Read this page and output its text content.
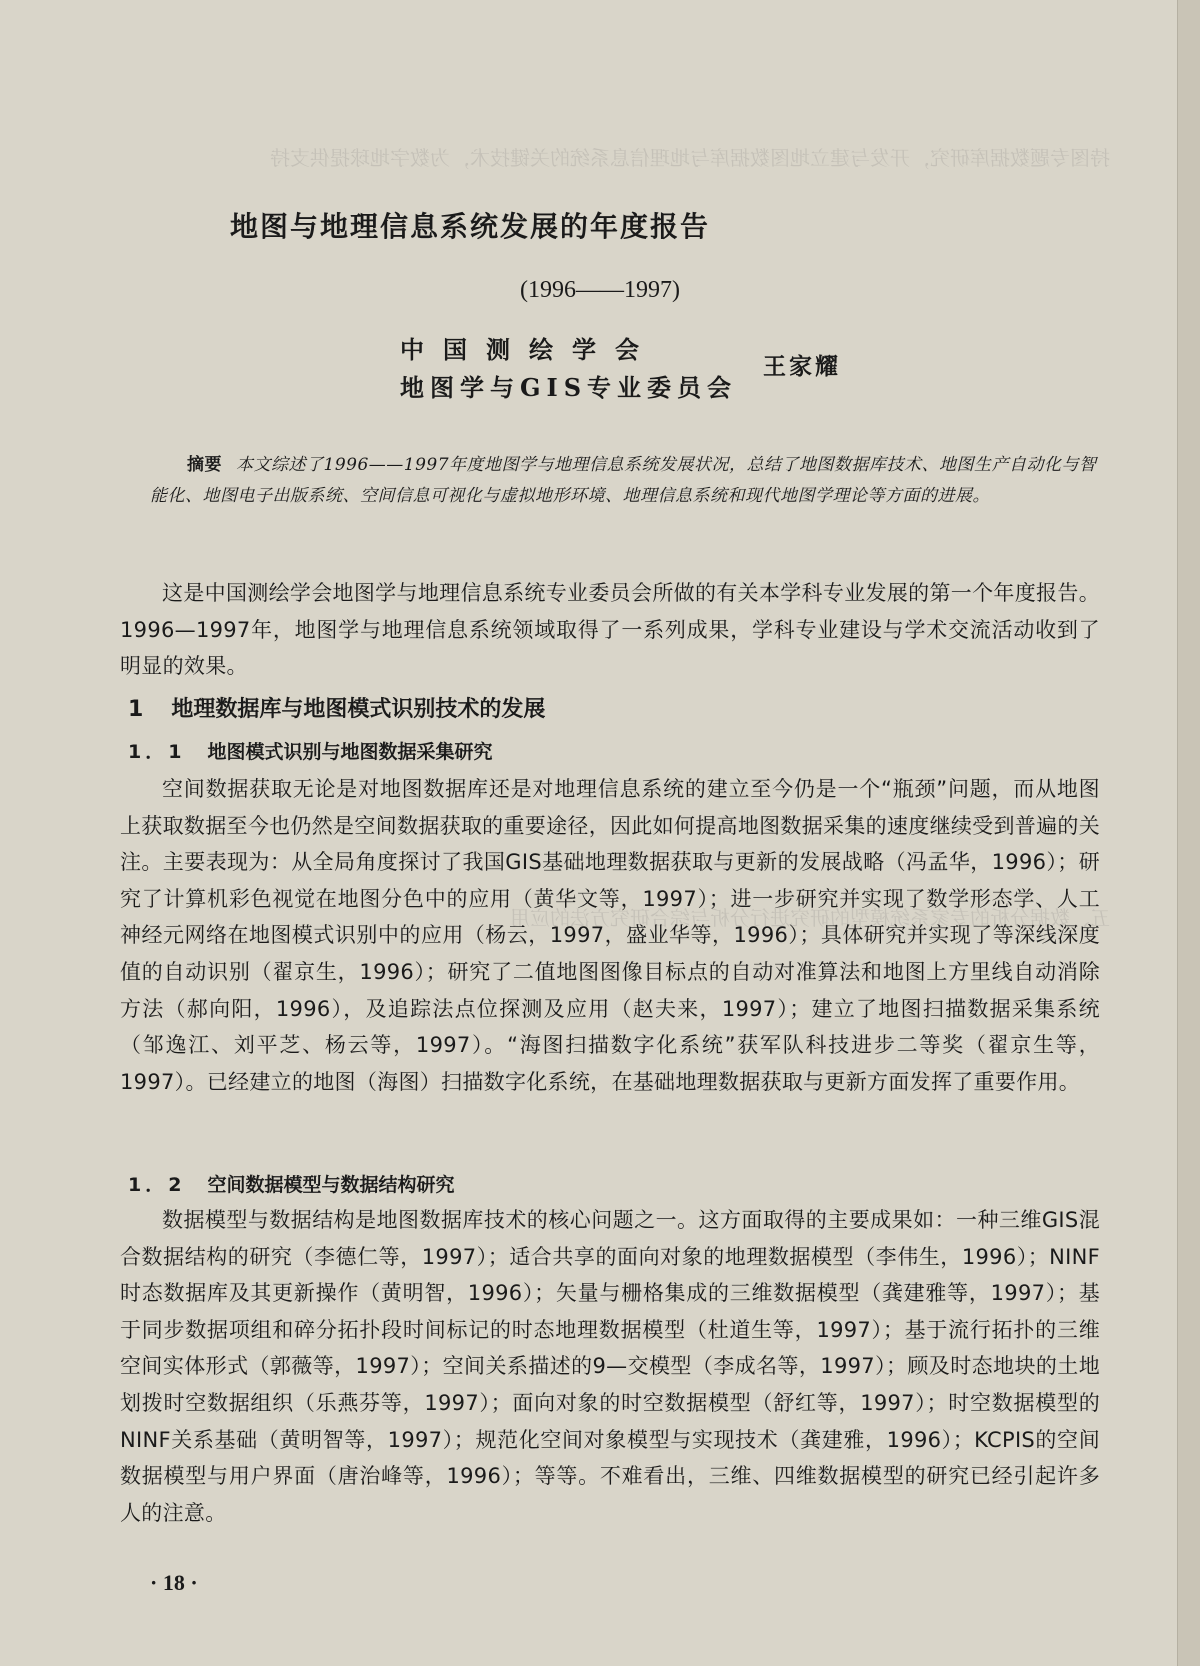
持图专题数据库研究，开发与建立地图数据库与地理信息系统的关键技术，为数字地球提供支持
五、数据分析的专家系统模型的研究进行分析与综合研究方法的应用
地图与地理信息系统发展的年度报告
(1996——1997)
中国测绘学会
地图学与GIS专业委员会
王家耀
摘要 本文综述了1996——1997年度地图学与地理信息系统发展状况，总结了地图数据库技术、地图生产自动化与智能化、地图电子出版系统、空间信息可视化与虚拟地形环境、地理信息系统和现代地图学理论等方面的进展。

这是中国测绘学会地图学与地理信息系统专业委员会所做的有关本学科专业发展的第一个年度报告。1996—1997年，地图学与地理信息系统领域取得了一系列成果，学科专业建设与学术交流活动收到了明显的效果。

1 地理数据库与地图模式识别技术的发展
1．1 地图模式识别与地图数据采集研究

空间数据获取无论是对地图数据库还是对地理信息系统的建立至今仍是一个“瓶颈”问题，而从地图上获取数据至今也仍然是空间数据获取的重要途径，因此如何提高地图数据采集的速度继续受到普遍的关注。主要表现为：从全局角度探讨了我国GIS基础地理数据获取与更新的发展战略（冯孟华，1996）；研究了计算机彩色视觉在地图分色中的应用（黄华文等，1997）；进一步研究并实现了数学形态学、人工神经元网络在地图模式识别中的应用（杨云，1997，盛业华等，1996）；具体研究并实现了等深线深度值的自动识别（翟京生，1996）；研究了二值地图图像目标点的自动对准算法和地图上方里线自动消除方法（郝向阳，1996），及追踪法点位探测及应用（赵夫来，1997）；建立了地图扫描数据采集系统（邹逸江、刘平芝、杨云等，1997）。“海图扫描数字化系统”获军队科技进步二等奖（翟京生等，1997）。已经建立的地图（海图）扫描数字化系统，在基础地理数据获取与更新方面发挥了重要作用。

1．2 空间数据模型与数据结构研究

数据模型与数据结构是地图数据库技术的核心问题之一。这方面取得的主要成果如：一种三维GIS混合数据结构的研究（李德仁等，1997）；适合共享的面向对象的地理数据模型（李伟生，1996）；NINF时态数据库及其更新操作（黄明智，1996）；矢量与栅格集成的三维数据模型（龚建雅等，1997）；基于同步数据项组和碎分拓扑段时间标记的时态地理数据模型（杜道生等，1997）；基于流行拓扑的三维空间实体形式（郭薇等，1997）；空间关系描述的9—交模型（李成名等，1997）；顾及时态地块的土地划拨时空数据组织（乐燕芬等，1997）；面向对象的时空数据模型（舒红等，1997）；时空数据模型的NINF关系基础（黄明智等，1997）；规范化空间对象模型与实现技术（龚建雅，1996）；KCPIS的空间数据模型与用户界面（唐治峰等，1996）；等等。不难看出，三维、四维数据模型的研究已经引起许多人的注意。

· 18 ·
